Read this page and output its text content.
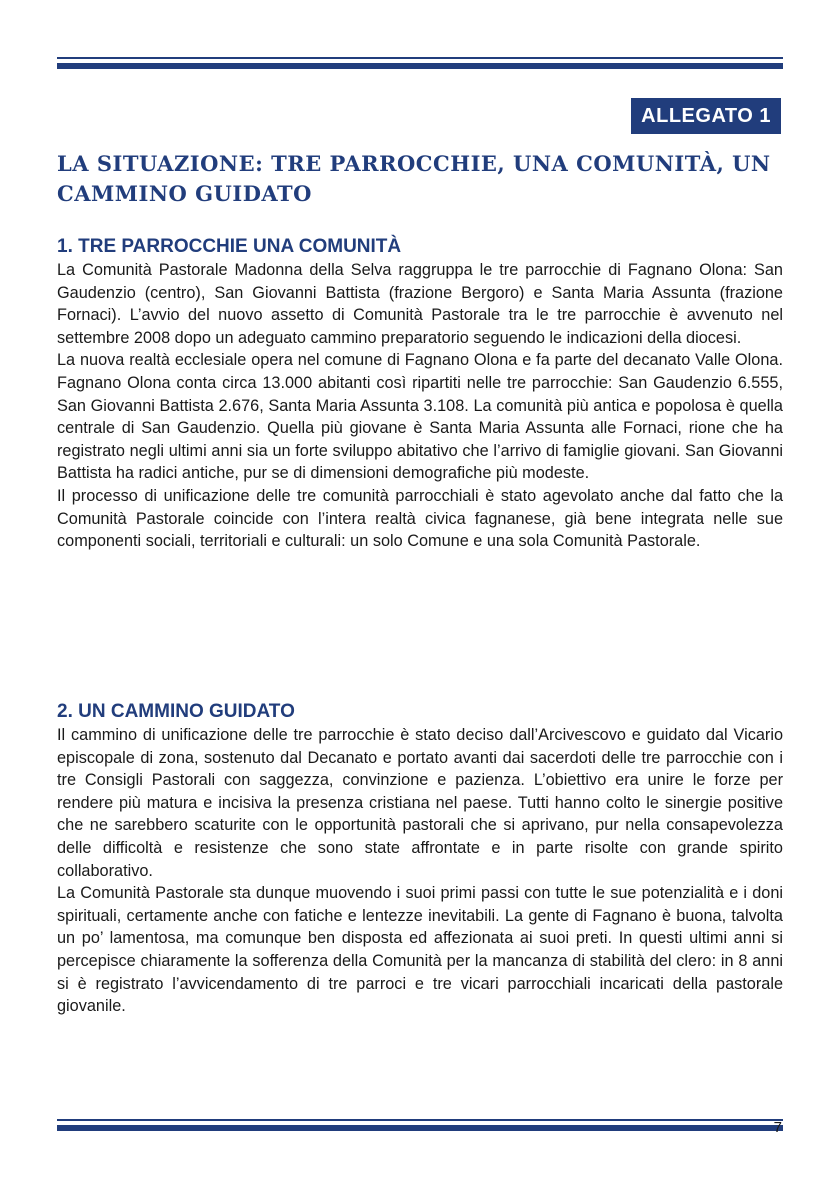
ALLEGATO 1
LA SITUAZIONE: TRE PARROCCHIE, UNA COMUNITÀ, UN CAMMINO GUIDATO
1. TRE PARROCCHIE UNA COMUNITÀ

La Comunità Pastorale Madonna della Selva raggruppa le tre parrocchie di Fagnano Olona: San Gaudenzio (centro), San Giovanni Battista (frazione Bergoro) e Santa Maria Assunta (frazione Fornaci). L’avvio del nuovo assetto di Comunità Pastorale tra le tre parrocchie è avvenuto nel settembre 2008 dopo un adeguato cammino preparatorio seguendo le indicazioni della diocesi.

La nuova realtà ecclesiale opera nel comune di Fagnano Olona e fa parte del decanato Valle Olona. Fagnano Olona conta circa 13.000 abitanti così ripartiti nelle tre parrocchie: San Gaudenzio 6.555, San Giovanni Battista 2.676, Santa Maria Assunta 3.108. La comunità più antica e popolosa è quella centrale di San Gaudenzio. Quella più giovane è Santa Maria Assunta alle Fornaci, rione che ha registrato negli ultimi anni sia un forte sviluppo abitativo che l’arrivo di famiglie giovani. San Giovanni Battista ha radici antiche, pur se di dimensioni demografiche più modeste.

Il processo di unificazione delle tre comunità parrocchiali è stato agevolato anche dal fatto che la Comunità Pastorale coincide con l’intera realtà civica fagnanese, già bene integrata nelle sue componenti sociali, territoriali e culturali: un solo Comune e una sola Comunità Pastorale.

2. UN CAMMINO GUIDATO

Il cammino di unificazione delle tre parrocchie è stato deciso dall’Arcivescovo e guidato dal Vicario episcopale di zona, sostenuto dal Decanato e portato avanti dai sacerdoti delle tre parrocchie con i tre Consigli Pastorali con saggezza, convinzione e pazienza. L’obiettivo era unire le forze per rendere più matura e incisiva la presenza cristiana nel paese. Tutti hanno colto le sinergie positive che ne sarebbero scaturite con le opportunità pastorali che si aprivano, pur nella consapevolezza delle difficoltà e resistenze che sono state affrontate e in parte risolte con grande spirito collaborativo.

La Comunità Pastorale sta dunque muovendo i suoi primi passi con tutte le sue potenzialità e i doni spirituali, certamente anche con fatiche e lentezze inevitabili. La gente di Fagnano è buona, talvolta un po’ lamentosa, ma comunque ben disposta ed affezionata ai suoi preti. In questi ultimi anni si percepisce chiaramente la sofferenza della Comunità per la mancanza di stabilità del clero: in 8 anni si è registrato l’avvicendamento di tre parroci e tre vicari parrocchiali incaricati della pastorale giovanile.

7
